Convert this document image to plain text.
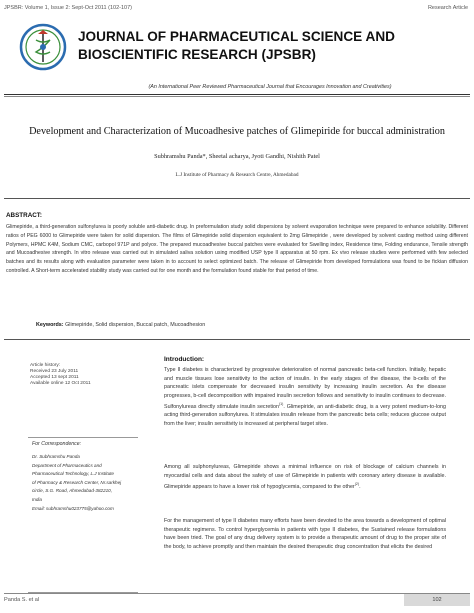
JPSBR: Volume 1, Issue 2: Sept-Oct 2011 (102-107)	Research Article
JOURNAL OF PHARMACEUTICAL SCIENCE AND
BIOSCIENTIFIC RESEARCH (JPSBR)
(An International Peer Reviewed Pharmaceutical Journal that Encourages Innovation and Creativities)
Development and Characterization of Mucoadhesive patches of Glimepiride for buccal administration
Subhramshu Panda*, Sheetal acharya, Jyoti Gandhi, Nishith Patel
L.J Institute of Pharmacy & Research Centre, Ahmedabad
ABSTRACT:
Glimepiride, a third-generation sulfonylurea is poorly soluble anti-diabetic drug. In preformulation study solid dispersions by solvent evaporation technique were prepared to enhance solubility. Different ratios of PEG 6000 to Glimepiride were taken for solid dispersion. The films of Glimepiride solid dispersion equivalent to 2mg Glimepiride , were developed by solvent casting method using different Polymers, HPMC K4M, Sodium CMC, carbopol 971P and polyox. The prepared mucoadhesive buccal patches were evaluated for Swelling index, Residence time, Folding endurance, Tensile strength and Mucoadhesive strength. In vitro release was carried out in simulated saliva solution using modified USP type II apparatus at 50 rpm. Ex vivo release studies were performed with few selected batches and its results along with evaluation parameter were taken in to account to select optimized batch. The release of Glimepiride from developed formulations was found to be fickian diffusion controlled. A Short-term accelerated stability study was carried out for one month and the formulation found stable for that period of time.
Keywords: Glimepiride, Solid dispersion, Buccal patch, Mucoadhesion
Article history:
Received 23 July 2011
Accepted 13 sept 2011
Available online 12 Oct 2011
For Correspondence:
Dr. Subhramshu Panda
Department of Pharmaceutics and
Pharmaceutical Technology, L.J Institute
of Pharmacy & Research Center, Nr.sarkhej
circle, S.G. Road, Ahmedabad-382210,
India
Email: subhramshu023775@yahoo.com
Introduction:
Type II diabetes is characterized by progressive deterioration of normal pancreatic beta-cell function. Initially, hepatic and muscle tissues lose sensitivity to the action of insulin. In the early stages of the disease, the b-cells of the pancreatic islets compensate for decreased insulin sensitivity by increasing insulin secretion. As the disease progresses, b-cell decomposition with impaired insulin secretion follows and sensitivity to insulin continues to decrease. Sulfonylureas directly stimulate insulin secretion$^{(1)}$. Glimepiride, an anti-diabetic drug, is a very potent medium-to-long acting third-generation sulfonylurea. It stimulates insulin release from the pancreatic beta cells; reduces glucose output from the liver; insulin sensitivity is increased at peripheral target sites.
Among all sulphonylureas, Glimepiride shows a minimal influence on risk of blockage of calcium channels in myocardial cells and data about the safety of use of Glimepiride in patients with coronary artery disease is available. Glimepiride appears to have a lower risk of hypoglycemia, compared to the other$^{(2)}$.
For the management of type II diabetes many efforts have been devoted to the area towards a development of optimal therapeutic regimens. To control hyperglycemia in patients with type II diabetes, the Sustained release formulations have been tried. The goal of any drug delivery system is to provide a therapeutic amount of drug to the proper site of the body, to achieve promptly and then maintain the desired therapeutic drug concentration that elicits the desired
Panda S. et al	102
